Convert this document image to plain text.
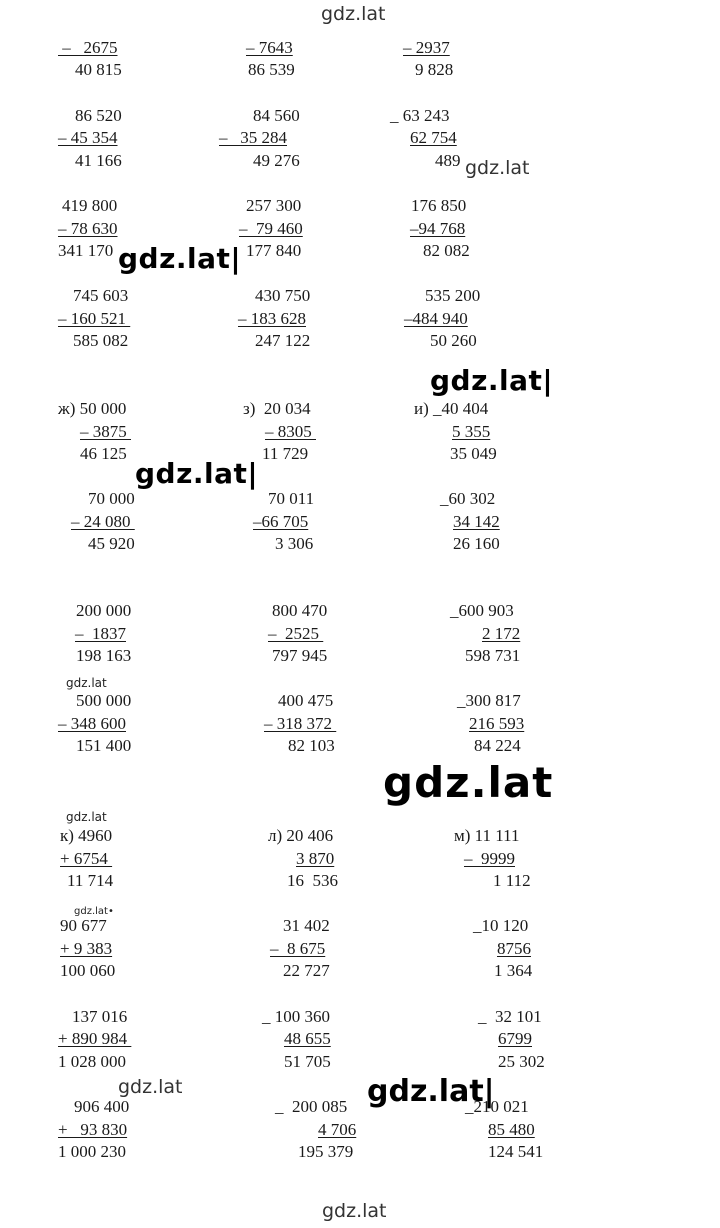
gdz.lat
gdz.lat
gdz.lat|
gdz.lat|
gdz.lat|
gdz.lat
gdz.lat
gdz.lat
gdz.lat•
gdz.lat	gdz.lat|
gdz.lat
–   2675
40 815
– 7643
86 539
– 2937
9 828
86 520
– 45 354
41 166
84 560
–   35 284
49 276
_ 63 243
62 754
489
419 800
– 78 630
341 170
257 300
–  79 460
177 840
176 850
–94 768
82 082
745 603
– 160 521
585 082
430 750
– 183 628
247 122
535 200
–484 940
50 260
ж) 50 000
– 3875
46 125
з)  20 034
– 8305
11 729
и) _40 404
5 355
35 049
70 000
– 24 080
45 920
70 011
–66 705
3 306
_60 302
34 142
26 160
200 000
–  1837
198 163
800 470
–  2525
797 945
_600 903
2 172
598 731
500 000
– 348 600
151 400
400 475
– 318 372
82 103
_300 817
216 593
84 224
к) 4960
+ 6754
11 714
л) 20 406
3 870
16  536
м) 11 111
–  9999
1 112
90 677
+ 9 383
100 060
31 402
–  8 675
22 727
_10 120
8756
1 364
137 016
+ 890 984
1 028 000
_ 100 360
48 655
51 705
_  32 101
6799
25 302
906 400
+   93 830
1 000 230
_  200 085
4 706
195 379
_210 021
85 480
124 541
